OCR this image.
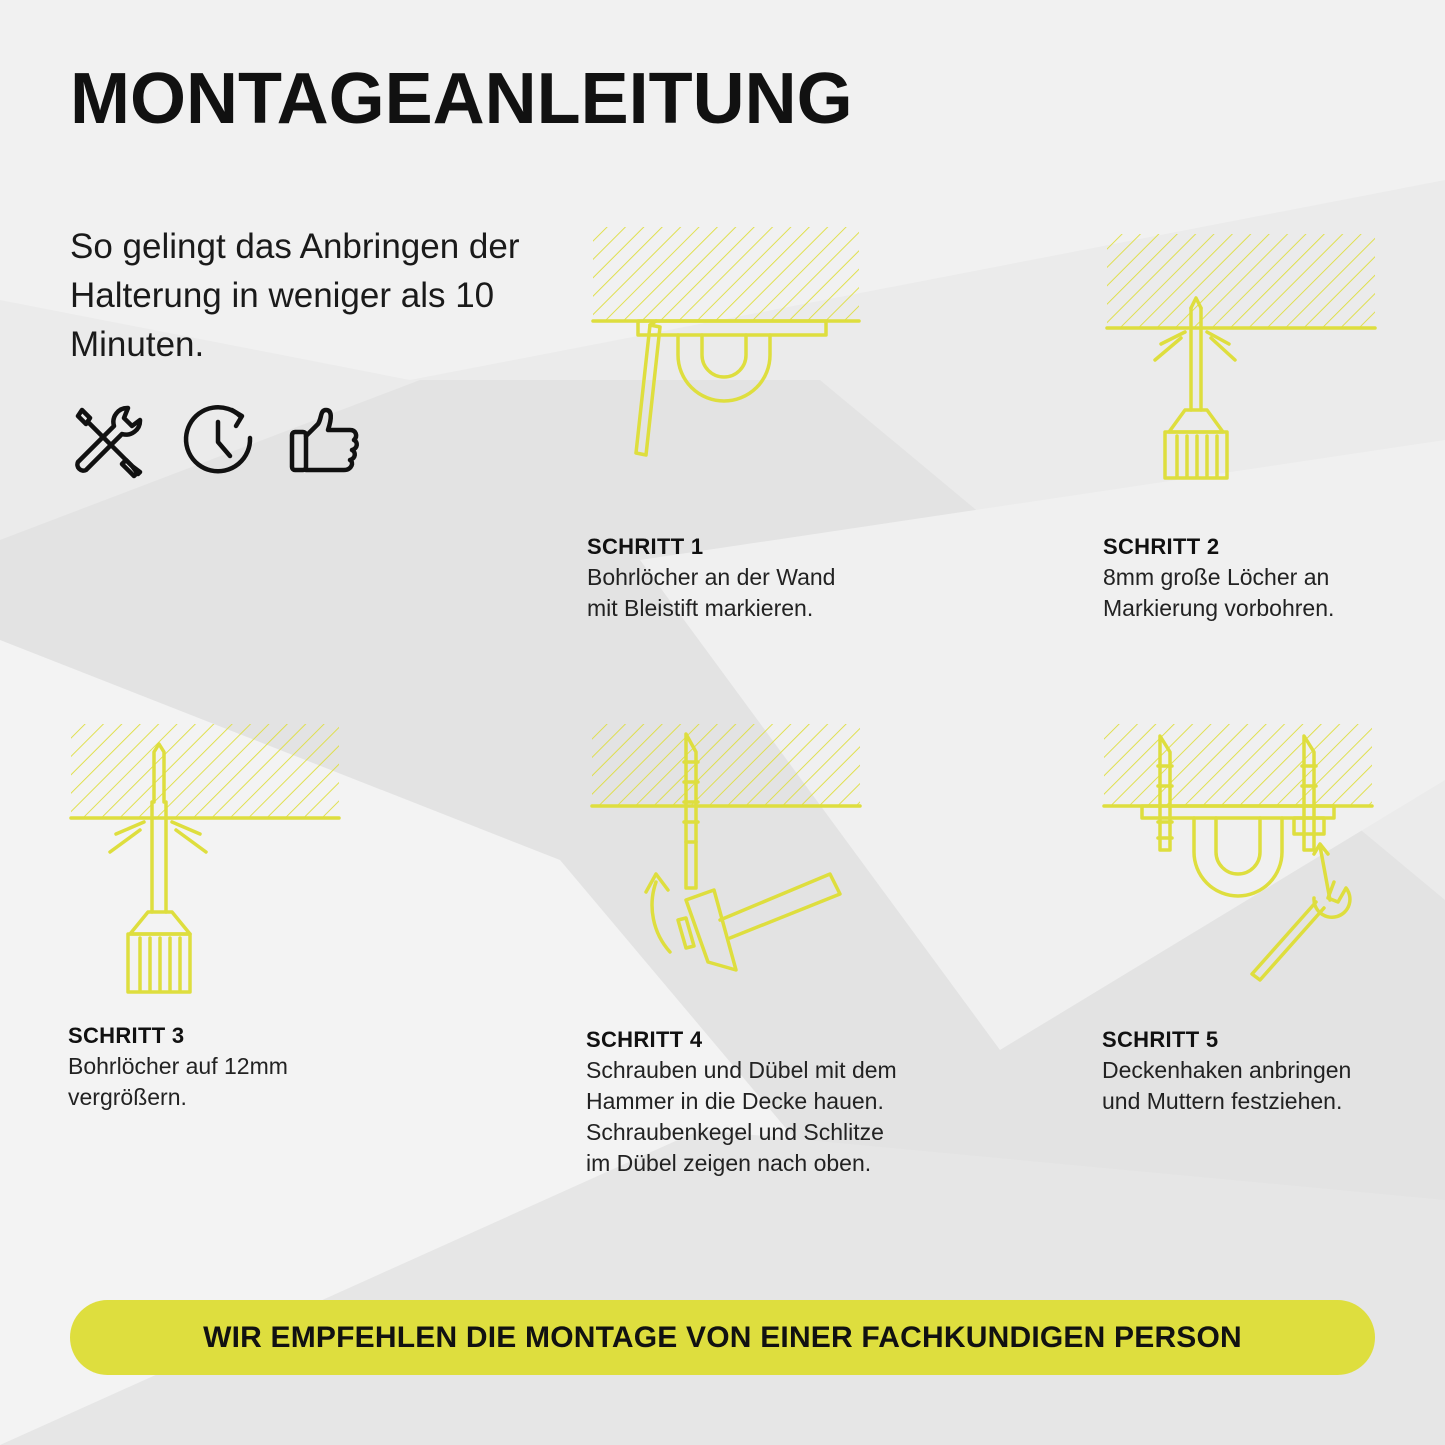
MONTAGEANLEITUNG

So gelingt das Anbringen der Halterung in weniger als 10 Minuten.

SCHRITT 1
Bohrlöcher an der Wand
mit Bleistift markieren.
SCHRITT 2
8mm große Löcher an
Markierung vorbohren.
SCHRITT 3
Bohrlöcher auf 12mm
vergrößern.
SCHRITT 4
Schrauben und Dübel mit dem
Hammer in die Decke hauen.
Schraubenkegel und Schlitze
im Dübel zeigen nach oben.
SCHRITT 5
Deckenhaken anbringen
und Muttern festziehen.
WIR EMPFEHLEN DIE MONTAGE VON EINER FACHKUNDIGEN PERSON
